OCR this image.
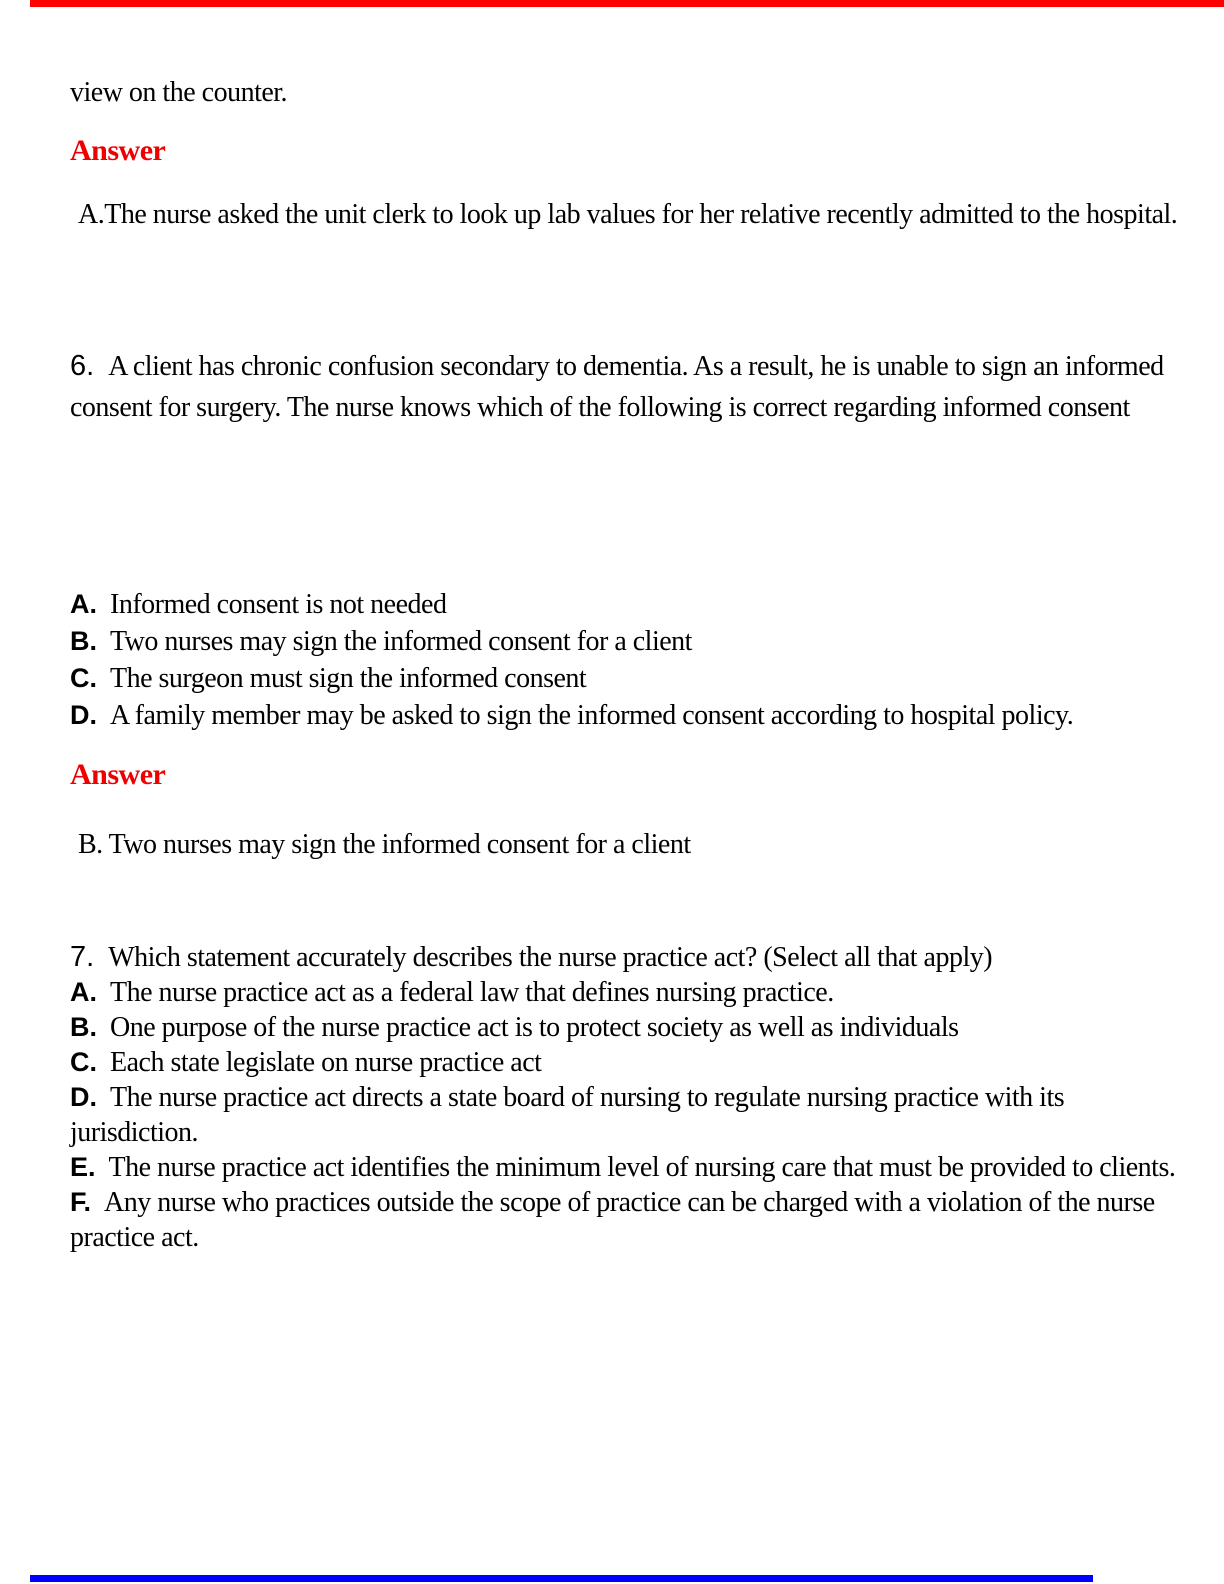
view on the counter.

Answer

A.The nurse asked the unit clerk to look up lab values for her relative recently admitted to the hospital.

6. A client has chronic confusion secondary to dementia. As a result, he is unable to sign an informed consent for surgery. The nurse knows which of the following is correct regarding informed consent

A. Informed consent is not needed

B. Two nurses may sign the informed consent for a client

C. The surgeon must sign the informed consent

D. A family member may be asked to sign the informed consent according to hospital policy.

Answer

B. Two nurses may sign the informed consent for a client

7. Which statement accurately describes the nurse practice act? (Select all that apply)

A. The nurse practice act as a federal law that defines nursing practice.

B. One purpose of the nurse practice act is to protect society as well as individuals

C. Each state legislate on nurse practice act

D. The nurse practice act directs a state board of nursing to regulate nursing practice with its jurisdiction.

E. The nurse practice act identifies the minimum level of nursing care that must be provided to clients.

F. Any nurse who practices outside the scope of practice can be charged with a violation of the nurse practice act.
